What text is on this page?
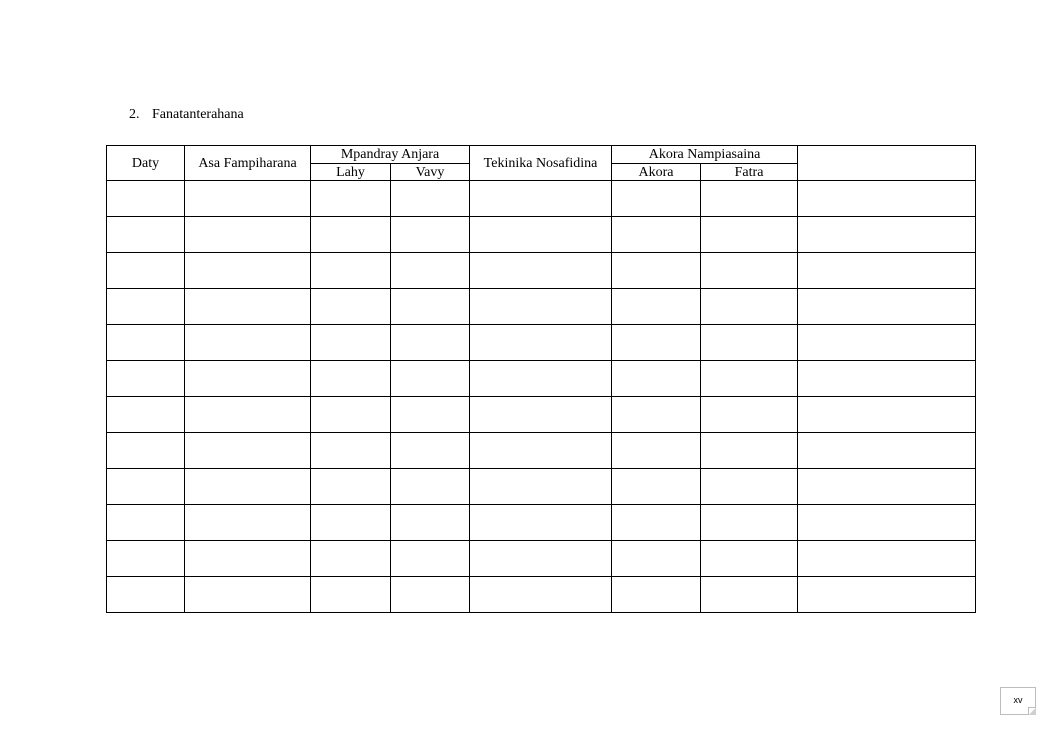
2. Fanatanterahana
Daty	Asa Fampiharana	Mpandray Anjara		Tekinika Nosafidina	Akora Nampiasaina		
		Lahy	Vavy		Akora	Fatra	

xv
